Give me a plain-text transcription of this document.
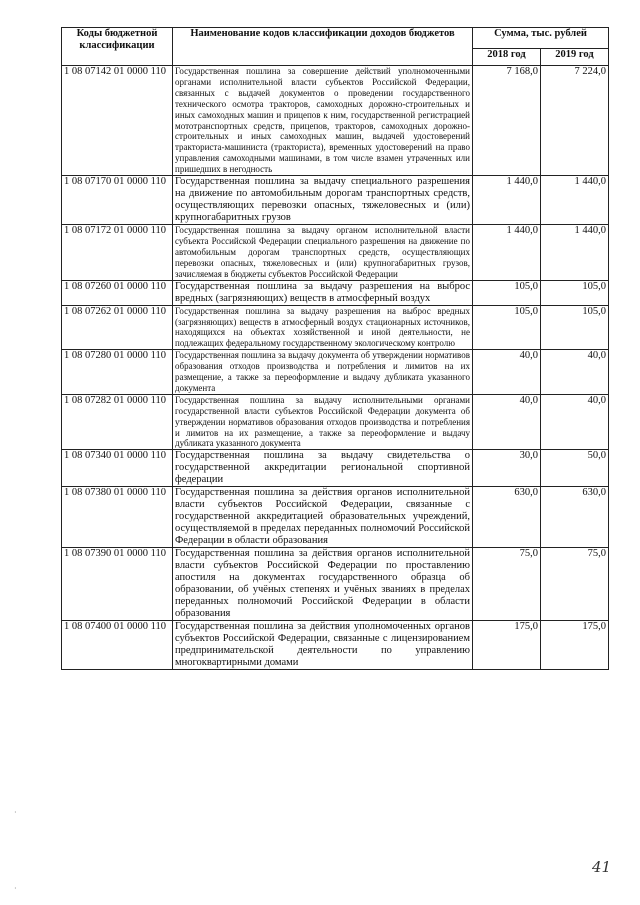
Коды бюджетной классификации	Наименование кодов классификации доходов бюджетов	Сумма, тыс. рублей	
		2018 год	2019 год
1 08 07142 01 0000 110	Государственная пошлина за совершение действий уполномоченными органами исполнительной власти субъектов Российской Федерации, связанных с выдачей документов о проведении государственного технического осмотра тракторов, самоходных дорожно-строительных и иных самоходных машин и прицепов к ним, государственной регистрацией мототранспортных средств, прицепов, тракторов, самоходных дорожно-строительных и иных самоходных машин, выдачей удостоверений тракториста-машиниста (тракториста), временных удостоверений на право управления самоходными машинами, в том числе взамен утраченных или пришедших в негодность	7 168,0	7 224,0
1 08 07170 01 0000 110	Государственная пошлина за выдачу специального разрешения на движение по автомобильным дорогам транспортных средств, осуществляющих перевозки опасных, тяжеловесных и (или) крупногабаритных грузов	1 440,0	1 440,0
1 08 07172 01 0000 110	Государственная пошлина за выдачу органом исполнительной власти субъекта Российской Федерации специального разрешения на движение по автомобильным дорогам транспортных средств, осуществляющих перевозки опасных, тяжеловесных и (или) крупногабаритных грузов, зачисляемая в бюджеты субъектов Российской Федерации	1 440,0	1 440,0
1 08 07260 01 0000 110	Государственная пошлина за выдачу разрешения на выброс вредных (загрязняющих) веществ в атмосферный воздух	105,0	105,0
1 08 07262 01 0000 110	Государственная пошлина за выдачу разрешения на выброс вредных (загрязняющих) веществ в атмосферный воздух стационарных источников, находящихся на объектах хозяйственной и иной деятельности, не подлежащих федеральному государственному экологическому контролю	105,0	105,0
1 08 07280 01 0000 110	Государственная пошлина за выдачу документа об утверждении нормативов образования отходов производства и потребления и лимитов на их размещение, а также за переоформление и выдачу дубликата указанного документа	40,0	40,0
1 08 07282 01 0000 110	Государственная пошлина за выдачу исполнительными органами государственной власти субъектов Российской Федерации документа об утверждении нормативов образования отходов производства и потребления и лимитов на их размещение, а также за переоформление и выдачу дубликата указанного документа	40,0	40,0
1 08 07340 01 0000 110	Государственная пошлина за выдачу свидетельства о государственной аккредитации региональной спортивной федерации	30,0	50,0
1 08 07380 01 0000 110	Государственная пошлина за действия органов исполнительной власти субъектов Российской Федерации, связанные с государственной аккредитацией образовательных учреждений, осуществляемой в пределах переданных полномочий Российской Федерации в области образования	630,0	630,0
1 08 07390 01 0000 110	Государственная пошлина за действия органов исполнительной власти субъектов Российской Федерации по проставлению апостиля на документах государственного образца об образовании, об учёных степенях и учёных званиях в пределах переданных полномочий Российской Федерации в области образования	75,0	75,0
1 08 07400 01 0000 110	Государственная пошлина за действия уполномоченных органов субъектов Российской Федерации, связанные с лицензированием предпринимательской деятельности по управлению многоквартирными домами	175,0	175,0
·
·
41
